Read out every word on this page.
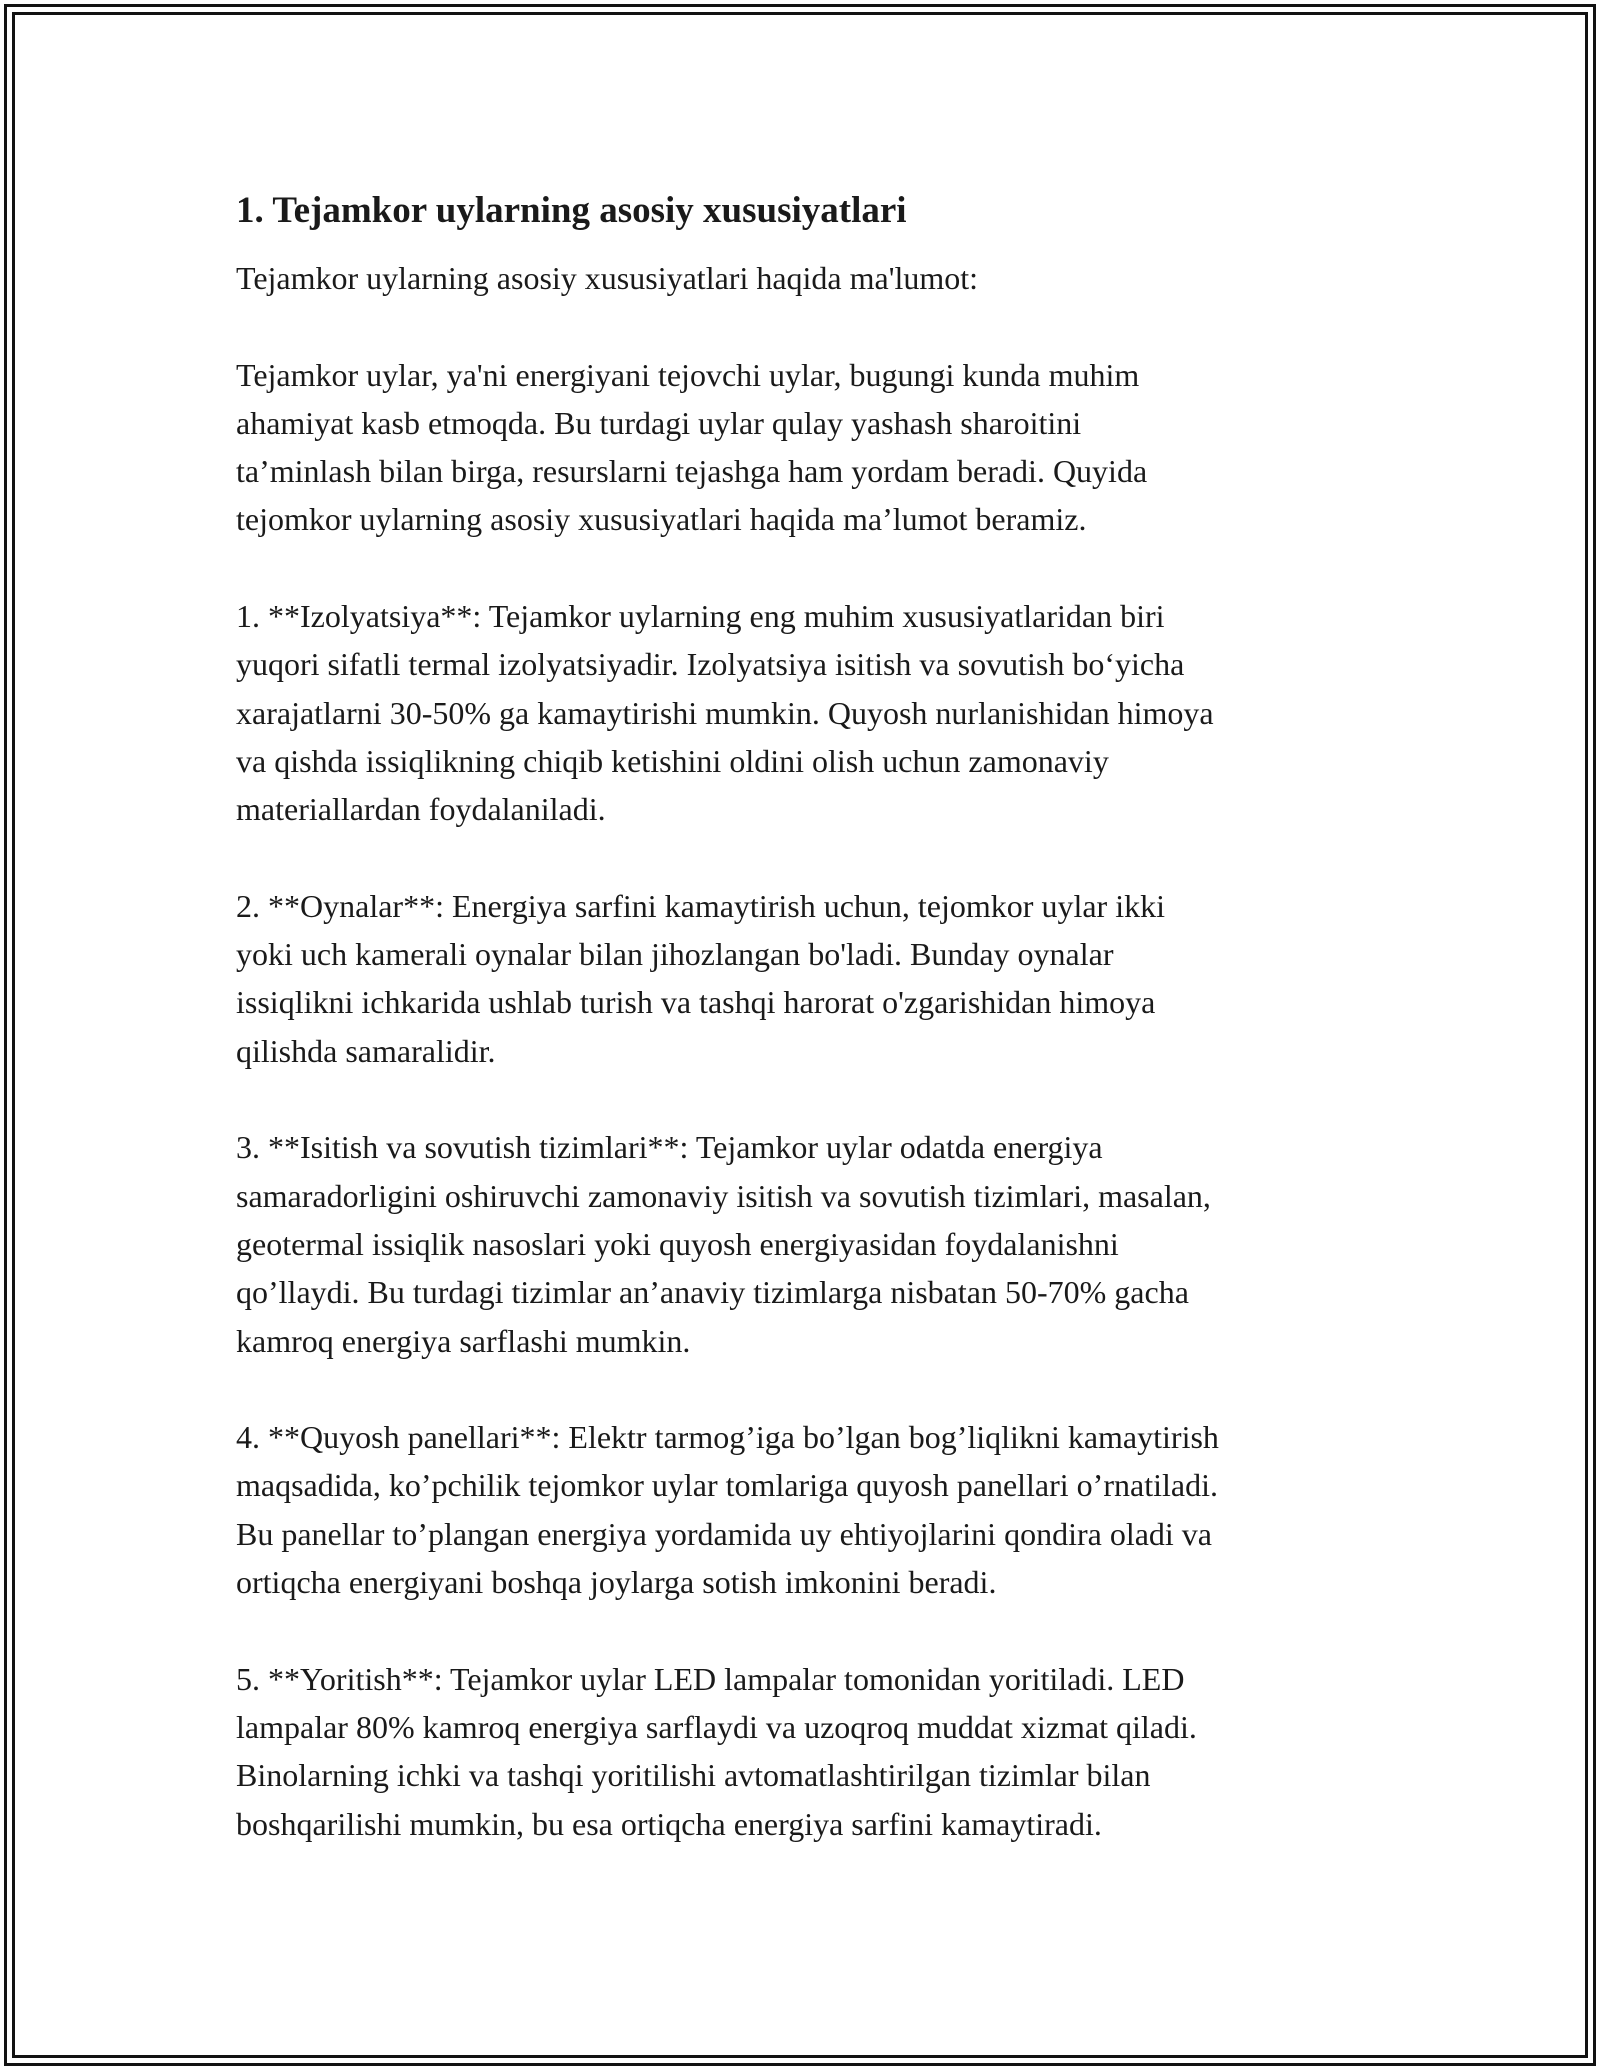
1. Tejamkor uylarning asosiy xususiyatlari

Tejamkor uylarning asosiy xususiyatlari haqida ma'lumot:

Tejamkor uylar, ya'ni energiyani tejovchi uylar, bugungi kunda muhim

ahamiyat kasb etmoqda. Bu turdagi uylar qulay yashash sharoitini

ta’minlash bilan birga, resurslarni tejashga ham yordam beradi. Quyida

tejomkor uylarning asosiy xususiyatlari haqida ma’lumot beramiz.

1. **Izolyatsiya**: Tejamkor uylarning eng muhim xususiyatlaridan biri

yuqori sifatli termal izolyatsiyadir. Izolyatsiya isitish va sovutish bo‘yicha

xarajatlarni 30-50% ga kamaytirishi mumkin. Quyosh nurlanishidan himoya

va qishda issiqlikning chiqib ketishini oldini olish uchun zamonaviy

materiallardan foydalaniladi.

2. **Oynalar**: Energiya sarfini kamaytirish uchun, tejomkor uylar ikki

yoki uch kamerali oynalar bilan jihozlangan bo'ladi. Bunday oynalar

issiqlikni ichkarida ushlab turish va tashqi harorat o'zgarishidan himoya

qilishda samaralidir.

3. **Isitish va sovutish tizimlari**: Tejamkor uylar odatda energiya

samaradorligini oshiruvchi zamonaviy isitish va sovutish tizimlari, masalan,

geotermal issiqlik nasoslari yoki quyosh energiyasidan foydalanishni

qo’llaydi. Bu turdagi tizimlar an’anaviy tizimlarga nisbatan 50-70% gacha

kamroq energiya sarflashi mumkin.

4. **Quyosh panellari**: Elektr tarmog’iga bo’lgan bog’liqlikni kamaytirish

maqsadida, ko’pchilik tejomkor uylar tomlariga quyosh panellari o’rnatiladi.

Bu panellar to’plangan energiya yordamida uy ehtiyojlarini qondira oladi va

ortiqcha energiyani boshqa joylarga sotish imkonini beradi.

5. **Yoritish**: Tejamkor uylar LED lampalar tomonidan yoritiladi. LED

lampalar 80% kamroq energiya sarflaydi va uzoqroq muddat xizmat qiladi.

Binolarning ichki va tashqi yoritilishi avtomatlashtirilgan tizimlar bilan

boshqarilishi mumkin, bu esa ortiqcha energiya sarfini kamaytiradi.
